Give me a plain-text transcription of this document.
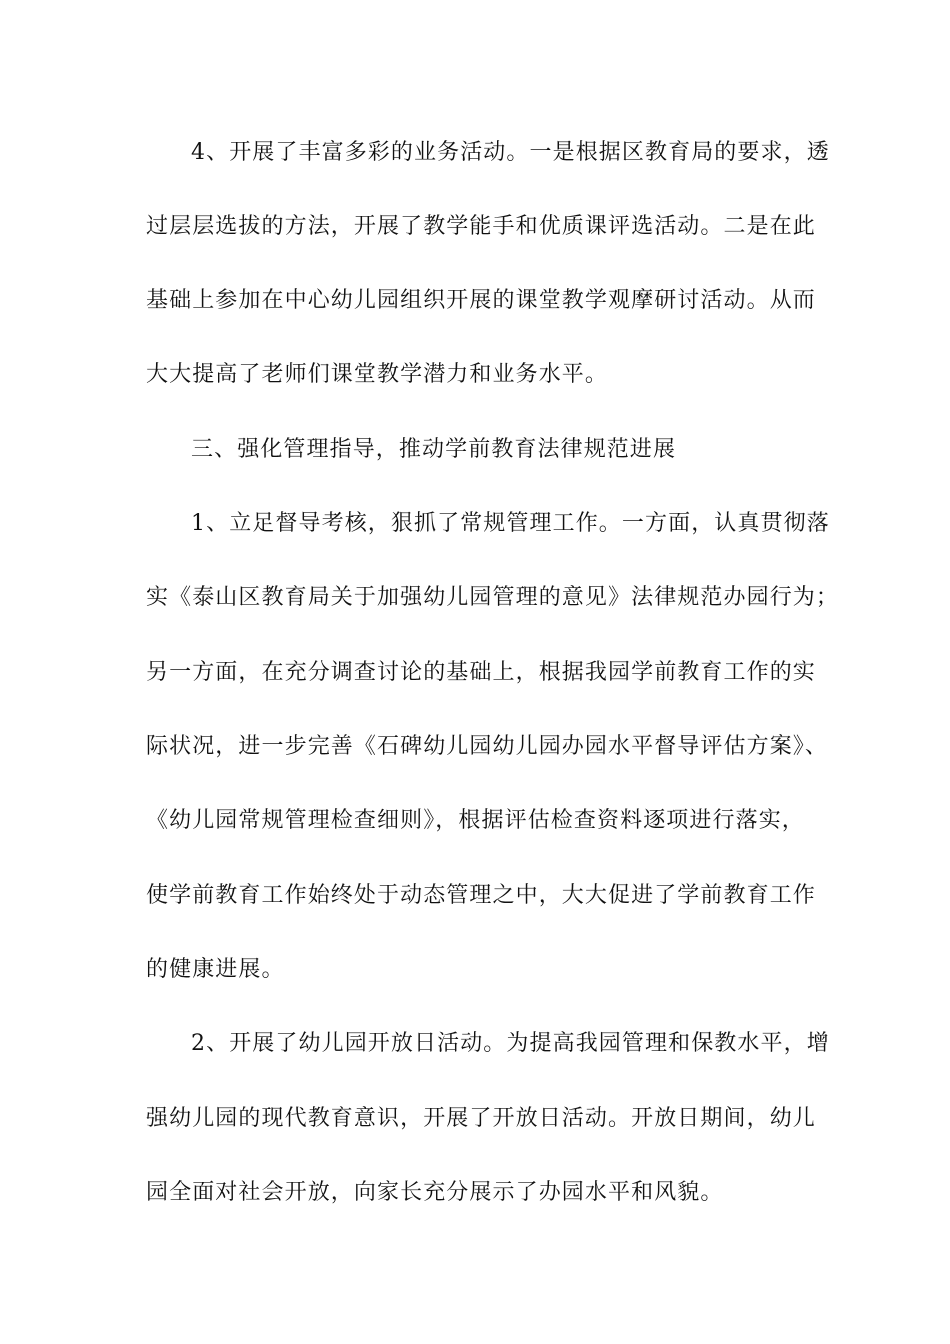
4、开展了丰富多彩的业务活动。一是根据区教育局的要求，透
过层层选拔的方法，开展了教学能手和优质课评选活动。二是在此
基础上参加在中心幼儿园组织开展的课堂教学观摩研讨活动。从而
大大提高了老师们课堂教学潜力和业务水平。
三、强化管理指导，推动学前教育法律规范进展
1、立足督导考核，狠抓了常规管理工作。一方面，认真贯彻落
实《泰山区教育局关于加强幼儿园管理的意见》法律规范办园行为；
另一方面，在充分调查讨论的基础上，根据我园学前教育工作的实
际状况，进一步完善《石碑幼儿园幼儿园办园水平督导评估方案》、
《幼儿园常规管理检查细则》，根据评估检查资料逐项进行落实，
使学前教育工作始终处于动态管理之中，大大促进了学前教育工作
的健康进展。
2、开展了幼儿园开放日活动。为提高我园管理和保教水平，增
强幼儿园的现代教育意识，开展了开放日活动。开放日期间，幼儿
园全面对社会开放，向家长充分展示了办园水平和风貌。
